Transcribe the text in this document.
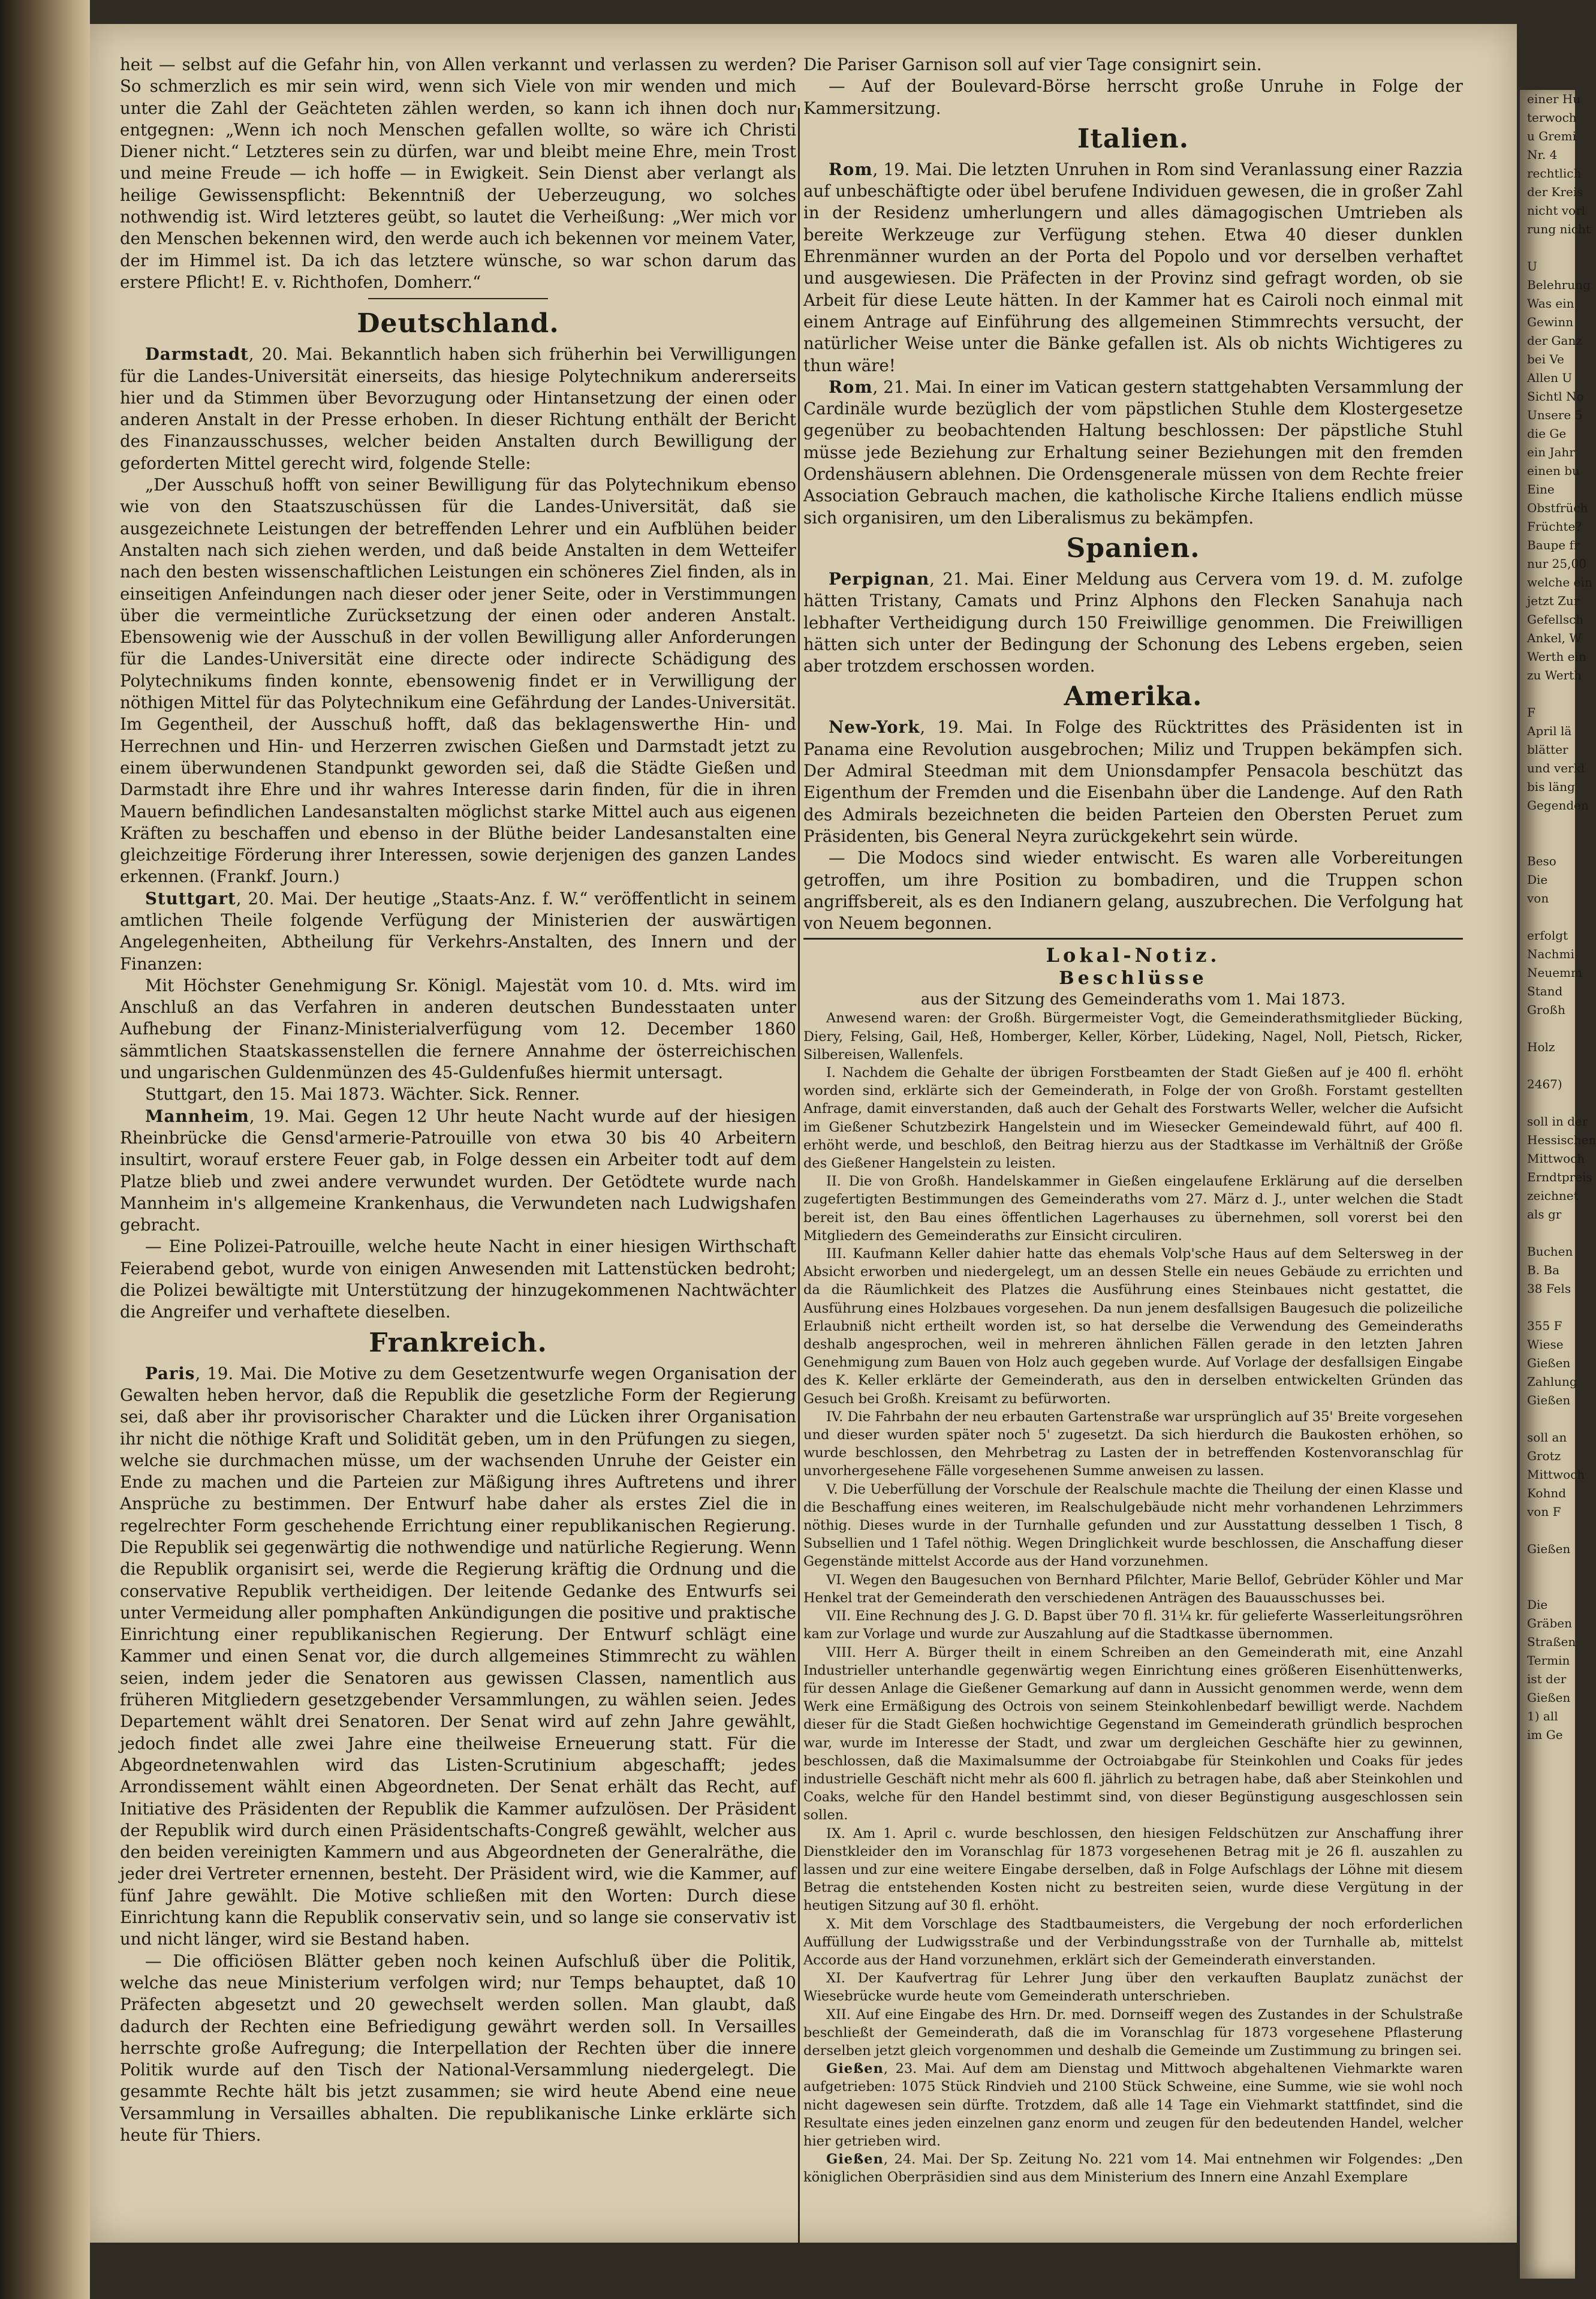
heit — selbst auf die Gefahr hin, von Allen verkannt und verlassen zu werden? So schmerzlich es mir sein wird, wenn sich Viele von mir wenden und mich unter die Zahl der Geächteten zählen werden, so kann ich ihnen doch nur entgegnen: „Wenn ich noch Menschen gefallen wollte, so wäre ich Christi Diener nicht.“ Letzteres sein zu dürfen, war und bleibt meine Ehre, mein Trost und meine Freude — ich hoffe — in Ewigkeit. Sein Dienst aber verlangt als heilige Gewissenspflicht: Bekenntniß der Ueberzeugung, wo solches nothwendig ist. Wird letzteres geübt, so lautet die Verheißung: „Wer mich vor den Menschen bekennen wird, den werde auch ich bekennen vor meinem Vater, der im Himmel ist. Da ich das letztere wünsche, so war schon darum das erstere Pflicht! E. v. Richthofen, Domherr.“

Deutschland.

Darmstadt, 20. Mai. Bekanntlich haben sich früherhin bei Verwilligungen für die Landes-Universität einerseits, das hiesige Polytechnikum andererseits hier und da Stimmen über Bevorzugung oder Hintansetzung der einen oder anderen Anstalt in der Presse erhoben. In dieser Richtung enthält der Bericht des Finanzausschusses, welcher beiden Anstalten durch Bewilligung der geforderten Mittel gerecht wird, folgende Stelle:

„Der Ausschuß hofft von seiner Bewilligung für das Polytechnikum ebenso wie von den Staatszuschüssen für die Landes-Universität, daß sie ausgezeichnete Leistungen der betreffenden Lehrer und ein Aufblühen beider Anstalten nach sich ziehen werden, und daß beide Anstalten in dem Wetteifer nach den besten wissenschaftlichen Leistungen ein schöneres Ziel finden, als in einseitigen Anfeindungen nach dieser oder jener Seite, oder in Verstimmungen über die vermeintliche Zurücksetzung der einen oder anderen Anstalt. Ebensowenig wie der Ausschuß in der vollen Bewilligung aller Anforderungen für die Landes-Universität eine directe oder indirecte Schädigung des Polytechnikums finden konnte, ebensowenig findet er in Verwilligung der nöthigen Mittel für das Polytechnikum eine Gefährdung der Landes-Universität. Im Gegentheil, der Ausschuß hofft, daß das beklagenswerthe Hin- und Herrechnen und Hin- und Herzerren zwischen Gießen und Darmstadt jetzt zu einem überwundenen Standpunkt geworden sei, daß die Städte Gießen und Darmstadt ihre Ehre und ihr wahres Interesse darin finden, für die in ihren Mauern befindlichen Landesanstalten möglichst starke Mittel auch aus eigenen Kräften zu beschaffen und ebenso in der Blüthe beider Landesanstalten eine gleichzeitige Förderung ihrer Interessen, sowie derjenigen des ganzen Landes erkennen. (Frankf. Journ.)

Stuttgart, 20. Mai. Der heutige „Staats-Anz. f. W.“ veröffentlicht in seinem amtlichen Theile folgende Verfügung der Ministerien der auswärtigen Angelegenheiten, Abtheilung für Verkehrs-Anstalten, des Innern und der Finanzen:

Mit Höchster Genehmigung Sr. Königl. Majestät vom 10. d. Mts. wird im Anschluß an das Verfahren in anderen deutschen Bundesstaaten unter Aufhebung der Finanz-Ministerialverfügung vom 12. December 1860 sämmtlichen Staatskassenstellen die fernere Annahme der österreichischen und ungarischen Guldenmünzen des 45-Guldenfußes hiermit untersagt.

Stuttgart, den 15. Mai 1873. Wächter. Sick. Renner.

Mannheim, 19. Mai. Gegen 12 Uhr heute Nacht wurde auf der hiesigen Rheinbrücke die Gensd'armerie-Patrouille von etwa 30 bis 40 Arbeitern insultirt, worauf erstere Feuer gab, in Folge dessen ein Arbeiter todt auf dem Platze blieb und zwei andere verwundet wurden. Der Getödtete wurde nach Mannheim in's allgemeine Krankenhaus, die Verwundeten nach Ludwigshafen gebracht.

— Eine Polizei-Patrouille, welche heute Nacht in einer hiesigen Wirthschaft Feierabend gebot, wurde von einigen Anwesenden mit Lattenstücken bedroht; die Polizei bewältigte mit Unterstützung der hinzugekommenen Nachtwächter die Angreifer und verhaftete dieselben.

Frankreich.

Paris, 19. Mai. Die Motive zu dem Gesetzentwurfe wegen Organisation der Gewalten heben hervor, daß die Republik die gesetzliche Form der Regierung sei, daß aber ihr provisorischer Charakter und die Lücken ihrer Organisation ihr nicht die nöthige Kraft und Solidität geben, um in den Prüfungen zu siegen, welche sie durchmachen müsse, um der wachsenden Unruhe der Geister ein Ende zu machen und die Parteien zur Mäßigung ihres Auftretens und ihrer Ansprüche zu bestimmen. Der Entwurf habe daher als erstes Ziel die in regelrechter Form geschehende Errichtung einer republikanischen Regierung. Die Republik sei gegenwärtig die nothwendige und natürliche Regierung. Wenn die Republik organisirt sei, werde die Regierung kräftig die Ordnung und die conservative Republik vertheidigen. Der leitende Gedanke des Entwurfs sei unter Vermeidung aller pomphaften Ankündigungen die positive und praktische Einrichtung einer republikanischen Regierung. Der Entwurf schlägt eine Kammer und einen Senat vor, die durch allgemeines Stimmrecht zu wählen seien, indem jeder die Senatoren aus gewissen Classen, namentlich aus früheren Mitgliedern gesetzgebender Versammlungen, zu wählen seien. Jedes Departement wählt drei Senatoren. Der Senat wird auf zehn Jahre gewählt, jedoch findet alle zwei Jahre eine theilweise Erneuerung statt. Für die Abgeordnetenwahlen wird das Listen-Scrutinium abgeschafft; jedes Arrondissement wählt einen Abgeordneten. Der Senat erhält das Recht, auf Initiative des Präsidenten der Republik die Kammer aufzulösen. Der Präsident der Republik wird durch einen Präsidentschafts-Congreß gewählt, welcher aus den beiden vereinigten Kammern und aus Abgeordneten der Generalräthe, die jeder drei Vertreter ernennen, besteht. Der Präsident wird, wie die Kammer, auf fünf Jahre gewählt. Die Motive schließen mit den Worten: Durch diese Einrichtung kann die Republik conservativ sein, und so lange sie conservativ ist und nicht länger, wird sie Bestand haben.

— Die officiösen Blätter geben noch keinen Aufschluß über die Politik, welche das neue Ministerium verfolgen wird; nur Temps behauptet, daß 10 Präfecten abgesetzt und 20 gewechselt werden sollen. Man glaubt, daß dadurch der Rechten eine Befriedigung gewährt werden soll. In Versailles herrschte große Aufregung; die Interpellation der Rechten über die innere Politik wurde auf den Tisch der National-Versammlung niedergelegt. Die gesammte Rechte hält bis jetzt zusammen; sie wird heute Abend eine neue Versammlung in Versailles abhalten. Die republikanische Linke erklärte sich heute für Thiers.

Die Pariser Garnison soll auf vier Tage consignirt sein.

— Auf der Boulevard-Börse herrscht große Unruhe in Folge der Kammersitzung.

Italien.

Rom, 19. Mai. Die letzten Unruhen in Rom sind Veranlassung einer Razzia auf unbeschäftigte oder übel berufene Individuen gewesen, die in großer Zahl in der Residenz umherlungern und alles dämagogischen Umtrieben als bereite Werkzeuge zur Verfügung stehen. Etwa 40 dieser dunklen Ehrenmänner wurden an der Porta del Popolo und vor derselben verhaftet und ausgewiesen. Die Präfecten in der Provinz sind gefragt worden, ob sie Arbeit für diese Leute hätten. In der Kammer hat es Cairoli noch einmal mit einem Antrage auf Einführung des allgemeinen Stimmrechts versucht, der natürlicher Weise unter die Bänke gefallen ist. Als ob nichts Wichtigeres zu thun wäre!

Rom, 21. Mai. In einer im Vatican gestern stattgehabten Versammlung der Cardinäle wurde bezüglich der vom päpstlichen Stuhle dem Klostergesetze gegenüber zu beobachtenden Haltung beschlossen: Der päpstliche Stuhl müsse jede Beziehung zur Erhaltung seiner Beziehungen mit den fremden Ordenshäusern ablehnen. Die Ordensgenerale müssen von dem Rechte freier Association Gebrauch machen, die katholische Kirche Italiens endlich müsse sich organisiren, um den Liberalismus zu bekämpfen.

Spanien.

Perpignan, 21. Mai. Einer Meldung aus Cervera vom 19. d. M. zufolge hätten Tristany, Camats und Prinz Alphons den Flecken Sanahuja nach lebhafter Vertheidigung durch 150 Freiwillige genommen. Die Freiwilligen hätten sich unter der Bedingung der Schonung des Lebens ergeben, seien aber trotzdem erschossen worden.

Amerika.

New-York, 19. Mai. In Folge des Rücktrittes des Präsidenten ist in Panama eine Revolution ausgebrochen; Miliz und Truppen bekämpfen sich. Der Admiral Steedman mit dem Unionsdampfer Pensacola beschützt das Eigenthum der Fremden und die Eisenbahn über die Landenge. Auf den Rath des Admirals bezeichneten die beiden Parteien den Obersten Peruet zum Präsidenten, bis General Neyra zurückgekehrt sein würde.

— Die Modocs sind wieder entwischt. Es waren alle Vorbereitungen getroffen, um ihre Position zu bombadiren, und die Truppen schon angriffsbereit, als es den Indianern gelang, auszubrechen. Die Verfolgung hat von Neuem begonnen.

Lokal-Notiz.
Beschlüsse
aus der Sitzung des Gemeinderaths vom 1. Mai 1873.

Anwesend waren: der Großh. Bürgermeister Vogt, die Gemeinderathsmitglieder Bücking, Diery, Felsing, Gail, Heß, Homberger, Keller, Körber, Lüdeking, Nagel, Noll, Pietsch, Ricker, Silbereisen, Wallenfels.

I. Nachdem die Gehalte der übrigen Forstbeamten der Stadt Gießen auf je 400 fl. erhöht worden sind, erklärte sich der Gemeinderath, in Folge der von Großh. Forstamt gestellten Anfrage, damit einverstanden, daß auch der Gehalt des Forstwarts Weller, welcher die Aufsicht im Gießener Schutzbezirk Hangelstein und im Wiesecker Gemeindewald führt, auf 400 fl. erhöht werde, und beschloß, den Beitrag hierzu aus der Stadtkasse im Verhältniß der Größe des Gießener Hangelstein zu leisten.

II. Die von Großh. Handelskammer in Gießen eingelaufene Erklärung auf die derselben zugefertigten Bestimmungen des Gemeinderaths vom 27. März d. J., unter welchen die Stadt bereit ist, den Bau eines öffentlichen Lagerhauses zu übernehmen, soll vorerst bei den Mitgliedern des Gemeinderaths zur Einsicht circuliren.

III. Kaufmann Keller dahier hatte das ehemals Volp'sche Haus auf dem Seltersweg in der Absicht erworben und niedergelegt, um an dessen Stelle ein neues Gebäude zu errichten und da die Räumlichkeit des Platzes die Ausführung eines Steinbaues nicht gestattet, die Ausführung eines Holzbaues vorgesehen. Da nun jenem desfallsigen Baugesuch die polizeiliche Erlaubniß nicht ertheilt worden ist, so hat derselbe die Verwendung des Gemeinderaths deshalb angesprochen, weil in mehreren ähnlichen Fällen gerade in den letzten Jahren Genehmigung zum Bauen von Holz auch gegeben wurde. Auf Vorlage der desfallsigen Eingabe des K. Keller erklärte der Gemeinderath, aus den in derselben entwickelten Gründen das Gesuch bei Großh. Kreisamt zu befürworten.

IV. Die Fahrbahn der neu erbauten Gartenstraße war ursprünglich auf 35' Breite vorgesehen und dieser wurden später noch 5' zugesetzt. Da sich hierdurch die Baukosten erhöhen, so wurde beschlossen, den Mehrbetrag zu Lasten der in betreffenden Kostenvoranschlag für unvorhergesehene Fälle vorgesehenen Summe anweisen zu lassen.

V. Die Ueberfüllung der Vorschule der Realschule machte die Theilung der einen Klasse und die Beschaffung eines weiteren, im Realschulgebäude nicht mehr vorhandenen Lehrzimmers nöthig. Dieses wurde in der Turnhalle gefunden und zur Ausstattung desselben 1 Tisch, 8 Subsellien und 1 Tafel nöthig. Wegen Dringlichkeit wurde beschlossen, die Anschaffung dieser Gegenstände mittelst Accorde aus der Hand vorzunehmen.

VI. Wegen den Baugesuchen von Bernhard Pfilchter, Marie Bellof, Gebrüder Köhler und Mar Henkel trat der Gemeinderath den verschiedenen Anträgen des Bauausschusses bei.

VII. Eine Rechnung des J. G. D. Bapst über 70 fl. 31¼ kr. für gelieferte Wasserleitungsröhren kam zur Vorlage und wurde zur Auszahlung auf die Stadtkasse übernommen.

VIII. Herr A. Bürger theilt in einem Schreiben an den Gemeinderath mit, eine Anzahl Industrieller unterhandle gegenwärtig wegen Einrichtung eines größeren Eisenhüttenwerks, für dessen Anlage die Gießener Gemarkung auf dann in Aussicht genommen werde, wenn dem Werk eine Ermäßigung des Octrois von seinem Steinkohlenbedarf bewilligt werde. Nachdem dieser für die Stadt Gießen hochwichtige Gegenstand im Gemeinderath gründlich besprochen war, wurde im Interesse der Stadt, und zwar um dergleichen Geschäfte hier zu gewinnen, beschlossen, daß die Maximalsumme der Octroiabgabe für Steinkohlen und Coaks für jedes industrielle Geschäft nicht mehr als 600 fl. jährlich zu betragen habe, daß aber Steinkohlen und Coaks, welche für den Handel bestimmt sind, von dieser Begünstigung ausgeschlossen sein sollen.

IX. Am 1. April c. wurde beschlossen, den hiesigen Feldschützen zur Anschaffung ihrer Dienstkleider den im Voranschlag für 1873 vorgesehenen Betrag mit je 26 fl. auszahlen zu lassen und zur eine weitere Eingabe derselben, daß in Folge Aufschlags der Löhne mit diesem Betrag die entstehenden Kosten nicht zu bestreiten seien, wurde diese Vergütung in der heutigen Sitzung auf 30 fl. erhöht.

X. Mit dem Vorschlage des Stadtbaumeisters, die Vergebung der noch erforderlichen Auffüllung der Ludwigsstraße und der Verbindungsstraße von der Turnhalle ab, mittelst Accorde aus der Hand vorzunehmen, erklärt sich der Gemeinderath einverstanden.

XI. Der Kaufvertrag für Lehrer Jung über den verkauften Bauplatz zunächst der Wiesebrücke wurde heute vom Gemeinderath unterschrieben.

XII. Auf eine Eingabe des Hrn. Dr. med. Dornseiff wegen des Zustandes in der Schulstraße beschließt der Gemeinderath, daß die im Voranschlag für 1873 vorgesehene Pflasterung derselben jetzt gleich vorgenommen und deshalb die Gemeinde um Zustimmung zu bringen sei.

Gießen, 23. Mai. Auf dem am Dienstag und Mittwoch abgehaltenen Viehmarkte waren aufgetrieben: 1075 Stück Rindvieh und 2100 Stück Schweine, eine Summe, wie sie wohl noch nicht dagewesen sein dürfte. Trotzdem, daß alle 14 Tage ein Viehmarkt stattfindet, sind die Resultate eines jeden einzelnen ganz enorm und zeugen für den bedeutenden Handel, welcher hier getrieben wird.

Gießen, 24. Mai. Der Sp. Zeitung No. 221 vom 14. Mai entnehmen wir Folgendes: „Den königlichen Oberpräsidien sind aus dem Ministerium des Innern eine Anzahl Exemplare

einer Hu
terwoch
u Gremi
Nr. 4
rechtlich
der Kreis
nicht vorl
rung nicht

U
Belehrung
Was ein
Gewinn
der Ganz
bei Ve
Allen U
Sichtl No
Unsere 5
die Ge
ein Jahr
einen bu
Eine
Obstfrüch
Früchte?
Baupe fr
nur 25,00
welche ein
jetzt Zur
Gefellsch
Ankel, W
Werth ein
zu Werth

F
April lä
blätter
und verkl
bis läng
Gegenden

Beso
Die
von

erfolgt
Nachmi
Neuemm
Stand
Großh

Holz

2467)

soll in der
Hessischen
Mittwoch
Erndtpreis
zeichnet
als gr

Buchen
B. Ba
38 Fels

355 F
Wiese
Gießen
Zahlung
Gießen

soll an
Grotz
Mittwoch
Kohnd
von F

Gießen

Die
Gräben
Straßen
Termin
ist der
Gießen
1) all
im Ge
